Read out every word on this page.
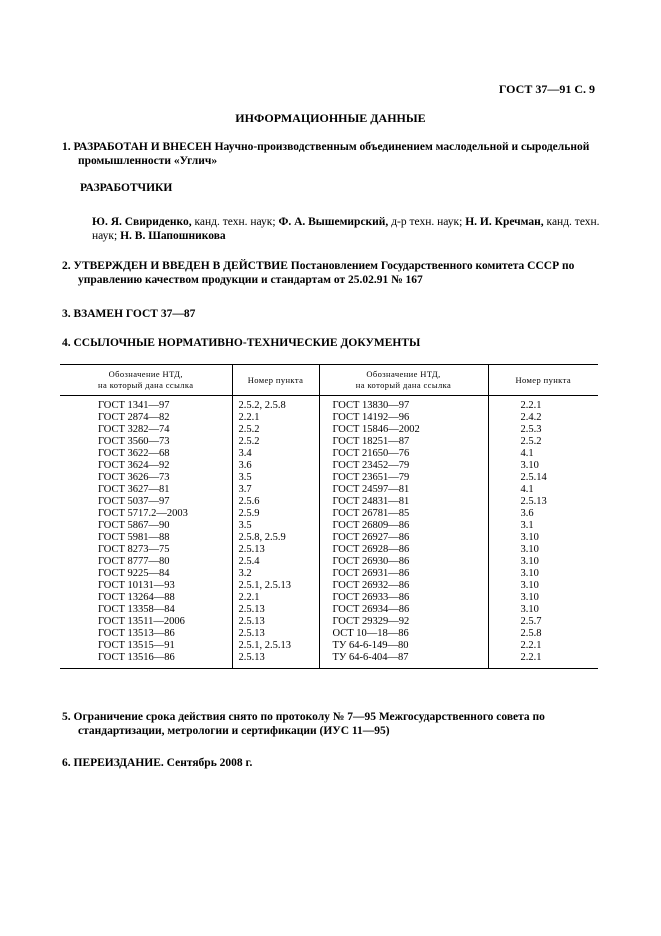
ГОСТ 37—91 С. 9
ИНФОРМАЦИОННЫЕ ДАННЫЕ
1. РАЗРАБОТАН И ВНЕСЕН Научно-производственным объединением маслодельной и сыродельной промышленности «Углич»
РАЗРАБОТЧИКИ
Ю. Я. Свириденко, канд. техн. наук; Ф. А. Вышемирский, д-р техн. наук; Н. И. Кречман, канд. техн. наук; Н. В. Шапошникова
2. УТВЕРЖДЕН И ВВЕДЕН В ДЕЙСТВИЕ Постановлением Государственного комитета СССР по управлению качеством продукции и стандартам от 25.02.91 № 167
3. ВЗАМЕН ГОСТ 37—87
4. ССЫЛОЧНЫЕ НОРМАТИВНО-ТЕХНИЧЕСКИЕ ДОКУМЕНТЫ
Обозначение НТД,
на который дана ссылка	Номер пункта	Обозначение НТД,
на который дана ссылка	Номер пункта
ГОСТ 1341—97	2.5.2, 2.5.8	ГОСТ 13830—97	2.2.1
ГОСТ 2874—82	2.2.1	ГОСТ 14192—96	2.4.2
ГОСТ 3282—74	2.5.2	ГОСТ 15846—2002	2.5.3
ГОСТ 3560—73	2.5.2	ГОСТ 18251—87	2.5.2
ГОСТ 3622—68	3.4	ГОСТ 21650—76	4.1
ГОСТ 3624—92	3.6	ГОСТ 23452—79	3.10
ГОСТ 3626—73	3.5	ГОСТ 23651—79	2.5.14
ГОСТ 3627—81	3.7	ГОСТ 24597—81	4.1
ГОСТ 5037—97	2.5.6	ГОСТ 24831—81	2.5.13
ГОСТ 5717.2—2003	2.5.9	ГОСТ 26781—85	3.6
ГОСТ 5867—90	3.5	ГОСТ 26809—86	3.1
ГОСТ 5981—88	2.5.8, 2.5.9	ГОСТ 26927—86	3.10
ГОСТ 8273—75	2.5.13	ГОСТ 26928—86	3.10
ГОСТ 8777—80	2.5.4	ГОСТ 26930—86	3.10
ГОСТ 9225—84	3.2	ГОСТ 26931—86	3.10
ГОСТ 10131—93	2.5.1, 2.5.13	ГОСТ 26932—86	3.10
ГОСТ 13264—88	2.2.1	ГОСТ 26933—86	3.10
ГОСТ 13358—84	2.5.13	ГОСТ 26934—86	3.10
ГОСТ 13511—2006	2.5.13	ГОСТ 29329—92	2.5.7
ГОСТ 13513—86	2.5.13	ОСТ 10—18—86	2.5.8
ГОСТ 13515—91	2.5.1, 2.5.13	ТУ 64-6-149—80	2.2.1
ГОСТ 13516—86	2.5.13	ТУ 64-6-404—87	2.2.1
5. Ограничение срока действия снято по протоколу № 7—95 Межгосударственного совета по стандартизации, метрологии и сертификации (ИУС 11—95)
6. ПЕРЕИЗДАНИЕ. Сентябрь 2008 г.
